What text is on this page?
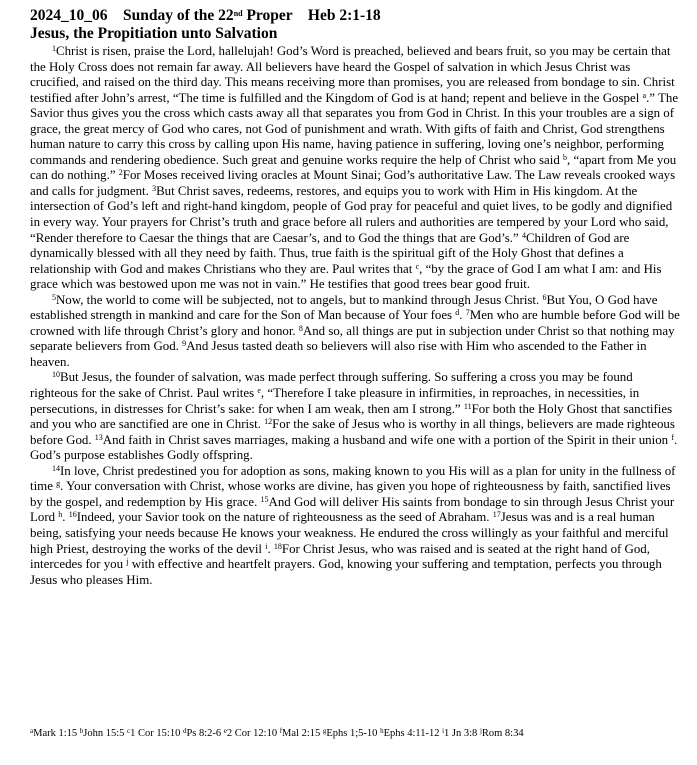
2024_10_06 Sunday of the 22nd Proper Heb 2:1-18
Jesus, the Propitiation unto Salvation

$^1$Christ is risen, praise the Lord, hallelujah! God’s Word is preached, believed and bears fruit, so you may be certain that the Holy Cross does not remain far away. All believers have heard the Gospel of salvation in which Jesus Christ was crucified, and raised on the third day. This means receiving more than promises, you are released from bondage to sin. Christ testified after John’s arrest, “The time is fulfilled and the Kingdom of God is at hand; repent and believe in the Gospel $^a$.” The Savior thus gives you the cross which casts away all that separates you from God in Christ. In this your troubles are a sign of grace, the great mercy of God who cares, not God of punishment and wrath. With gifts of faith and Christ, God strengthens human nature to carry this cross by calling upon His name, having patience in suffering, loving one’s neighbor, performing commands and rendering obedience. Such great and genuine works require the help of Christ who said $^b$, “apart from Me you can do nothing.” $^2$For Moses received living oracles at Mount Sinai; God’s authoritative Law. The Law reveals crooked ways and calls for judgment. $^3$But Christ saves, redeems, restores, and equips you to work with Him in His kingdom. At the intersection of God’s left and right-hand kingdom, people of God pray for peaceful and quiet lives, to be godly and dignified in every way. Your prayers for Christ’s truth and grace before all rulers and authorities are tempered by your Lord who said, “Render therefore to Caesar the things that are Caesar’s, and to God the things that are God’s.” $^4$Children of God are dynamically blessed with all they need by faith. Thus, true faith is the spiritual gift of the Holy Ghost that defines a relationship with God and makes Christians who they are. Paul writes that $^c$, “by the grace of God I am what I am: and His grace which was bestowed upon me was not in vain.” He testifies that good trees bear good fruit.

$^5$Now, the world to come will be subjected, not to angels, but to mankind through Jesus Christ. $^6$But You, O God have established strength in mankind and care for the Son of Man because of Your foes $^d$. $^7$Men who are humble before God will be crowned with life through Christ’s glory and honor. $^8$And so, all things are put in subjection under Christ so that nothing may separate believers from God. $^9$And Jesus tasted death so believers will also rise with Him who ascended to the Father in heaven.

$^{10}$But Jesus, the founder of salvation, was made perfect through suffering. So suffering a cross you may be found righteous for the sake of Christ. Paul writes $^e$, “Therefore I take pleasure in infirmities, in reproaches, in necessities, in persecutions, in distresses for Christ’s sake: for when I am weak, then am I strong.” $^{11}$For both the Holy Ghost that sanctifies and you who are sanctified are one in Christ. $^{12}$For the sake of Jesus who is worthy in all things, believers are made righteous before God. $^{13}$And faith in Christ saves marriages, making a husband and wife one with a portion of the Spirit in their union $^f$. God’s purpose establishes Godly offspring.

$^{14}$In love, Christ predestined you for adoption as sons, making known to you His will as a plan for unity in the fullness of time $^g$. Your conversation with Christ, whose works are divine, has given you hope of righteousness by faith, sanctified lives by the gospel, and redemption by His grace. $^{15}$And God will deliver His saints from bondage to sin through Jesus Christ your Lord $^h$. $^{16}$Indeed, your Savior took on the nature of righteousness as the seed of Abraham. $^{17}$Jesus was and is a real human being, satisfying your needs because He knows your weakness. He endured the cross willingly as your faithful and merciful high Priest, destroying the works of the devil $^i$. $^{18}$For Christ Jesus, who was raised and is seated at the right hand of God, intercedes for you $^j$ with effective and heartfelt prayers. God, knowing your suffering and temptation, perfects you through Jesus who pleases Him.

$^a$Mark 1:15 $^b$John 15:5 $^c$1 Cor 15:10 $^d$Ps 8:2-6 $^e$2 Cor 12:10 $^f$Mal 2:15 $^g$Ephs 1;5-10 $^h$Ephs 4:11-12 $^i$1 Jn 3:8 $^j$Rom 8:34
